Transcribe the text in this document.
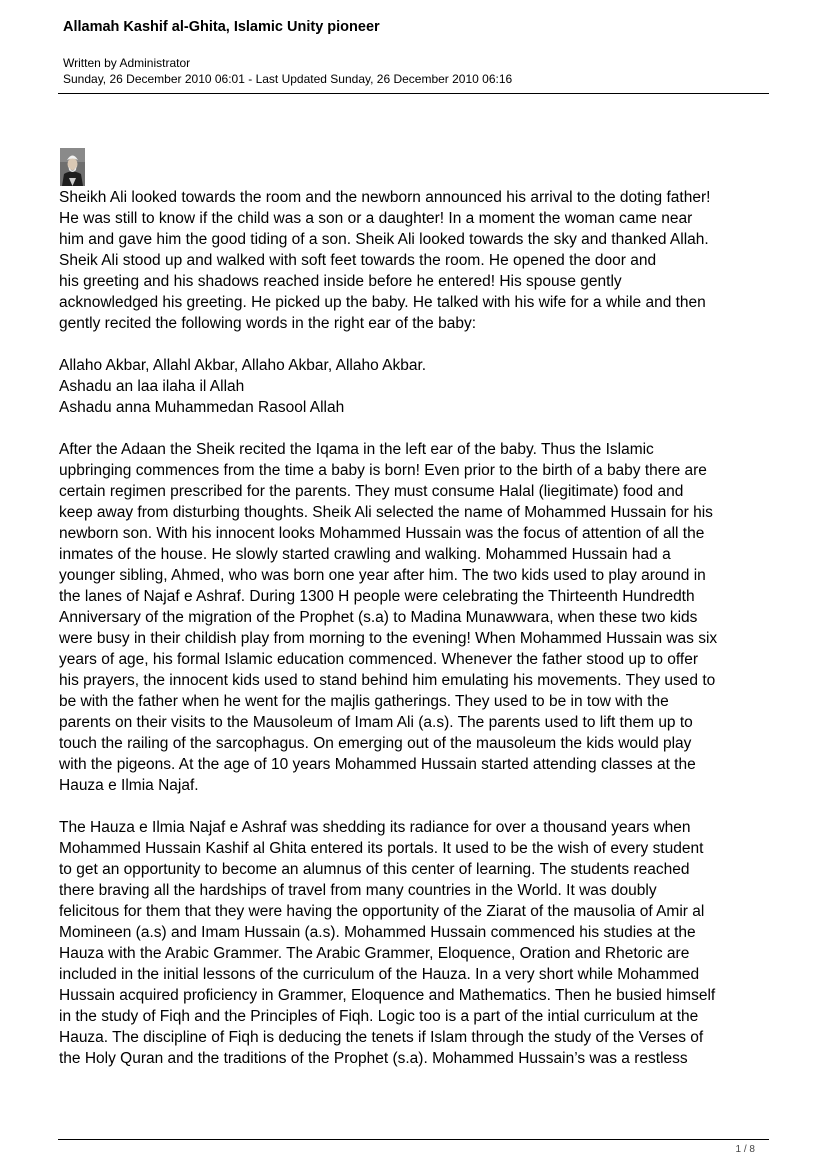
Allamah Kashif al-Ghita, Islamic Unity pioneer
Written by Administrator
Sunday, 26 December 2010 06:01 - Last Updated Sunday, 26 December 2010 06:16

Sheikh Ali looked towards the room and the newborn announced his arrival to the doting father!
He was still to know if the child was a son or a daughter! In a moment the woman came near
him and gave him the good tiding of a son. Sheik Ali looked towards the sky and thanked Allah.
Sheik Ali stood up and walked with soft feet towards the room. He opened the door and
his greeting and his shadows reached inside before he entered! His spouse gently
acknowledged his greeting. He picked up the baby. He talked with his wife for a while and then
gently recited the following words in the right ear of the baby:

Allaho Akbar, Allahl Akbar, Allaho Akbar, Allaho Akbar.
Ashadu an laa ilaha il Allah
Ashadu anna Muhammedan Rasool Allah

After the Adaan the Sheik recited the Iqama in the left ear of the baby. Thus the Islamic
upbringing commences from the time a baby is born! Even prior to the birth of a baby there are
certain regimen prescribed for the parents. They must consume Halal (liegitimate) food and
keep away from disturbing thoughts. Sheik Ali selected the name of Mohammed Hussain for his
newborn son. With his innocent looks Mohammed Hussain was the focus of attention of all the
inmates of the house. He slowly started crawling and walking. Mohammed Hussain had a
younger sibling, Ahmed, who was born one year after him. The two kids used to play around in
the lanes of Najaf e Ashraf. During 1300 H people were celebrating the Thirteenth Hundredth
Anniversary of the migration of the Prophet (s.a) to Madina Munawwara, when these two kids
were busy in their childish play from morning to the evening! When Mohammed Hussain was six
years of age, his formal Islamic education commenced. Whenever the father stood up to offer
his prayers, the innocent kids used to stand behind him emulating his movements. They used to
be with the father when he went for the majlis gatherings. They used to be in tow with the
parents on their visits to the Mausoleum of Imam Ali (a.s). The parents used to lift them up to
touch the railing of the sarcophagus. On emerging out of the mausoleum the kids would play
with the pigeons. At the age of 10 years Mohammed Hussain started attending classes at the
Hauza e Ilmia Najaf.

The Hauza e Ilmia Najaf e Ashraf was shedding its radiance for over a thousand years when
Mohammed Hussain Kashif al Ghita entered its portals. It used to be the wish of every student
to get an opportunity to become an alumnus of this center of learning. The students reached
there braving all the hardships of travel from many countries in the World. It was doubly
felicitous for them that they were having the opportunity of the Ziarat of the mausolia of Amir al
Momineen (a.s) and Imam Hussain (a.s). Mohammed Hussain commenced his studies at the
Hauza with the Arabic Grammer. The Arabic Grammer, Eloquence, Oration and Rhetoric are
included in the initial lessons of the curriculum of the Hauza. In a very short while Mohammed
Hussain acquired proficiency in Grammer, Eloquence and Mathematics. Then he busied himself
in the study of Fiqh and the Principles of Fiqh. Logic too is a part of the intial curriculum at the
Hauza. The discipline of Fiqh is deducing the tenets if Islam through the study of the Verses of
the Holy Quran and the traditions of the Prophet (s.a). Mohammed Hussain’s was a restless

1 / 8
